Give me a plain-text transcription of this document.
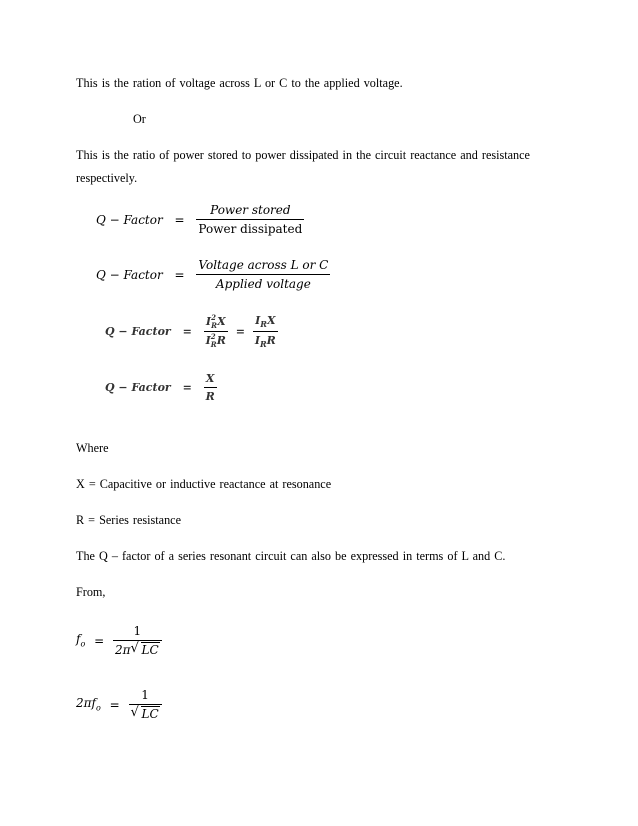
This is the ration of voltage across L or C to the applied voltage.
Or
This is the ratio of power stored to power dissipated in the circuit reactance and resistance
respectively.
Q − Factor = $\frac{\text{Power stored}}{\text{Power dissipated}}$
Q − Factor = $\frac{\text{Voltage across L or C}}{\text{Applied voltage}}$
Q − Factor = I 2
R X
I 2
R $R = \frac{I_RX}{I_RR}$
Q − Factor = $\frac{X}{R}$
Where
X = Capacitive or inductive reactance at resonance
R = Series resistance
The Q – factor of a series resonant circuit can also be expressed in terms of L and C.
From,
$f_o = \frac{1}{2\pi√ LC}$
$2\pi f_o = 1$
√ LC
